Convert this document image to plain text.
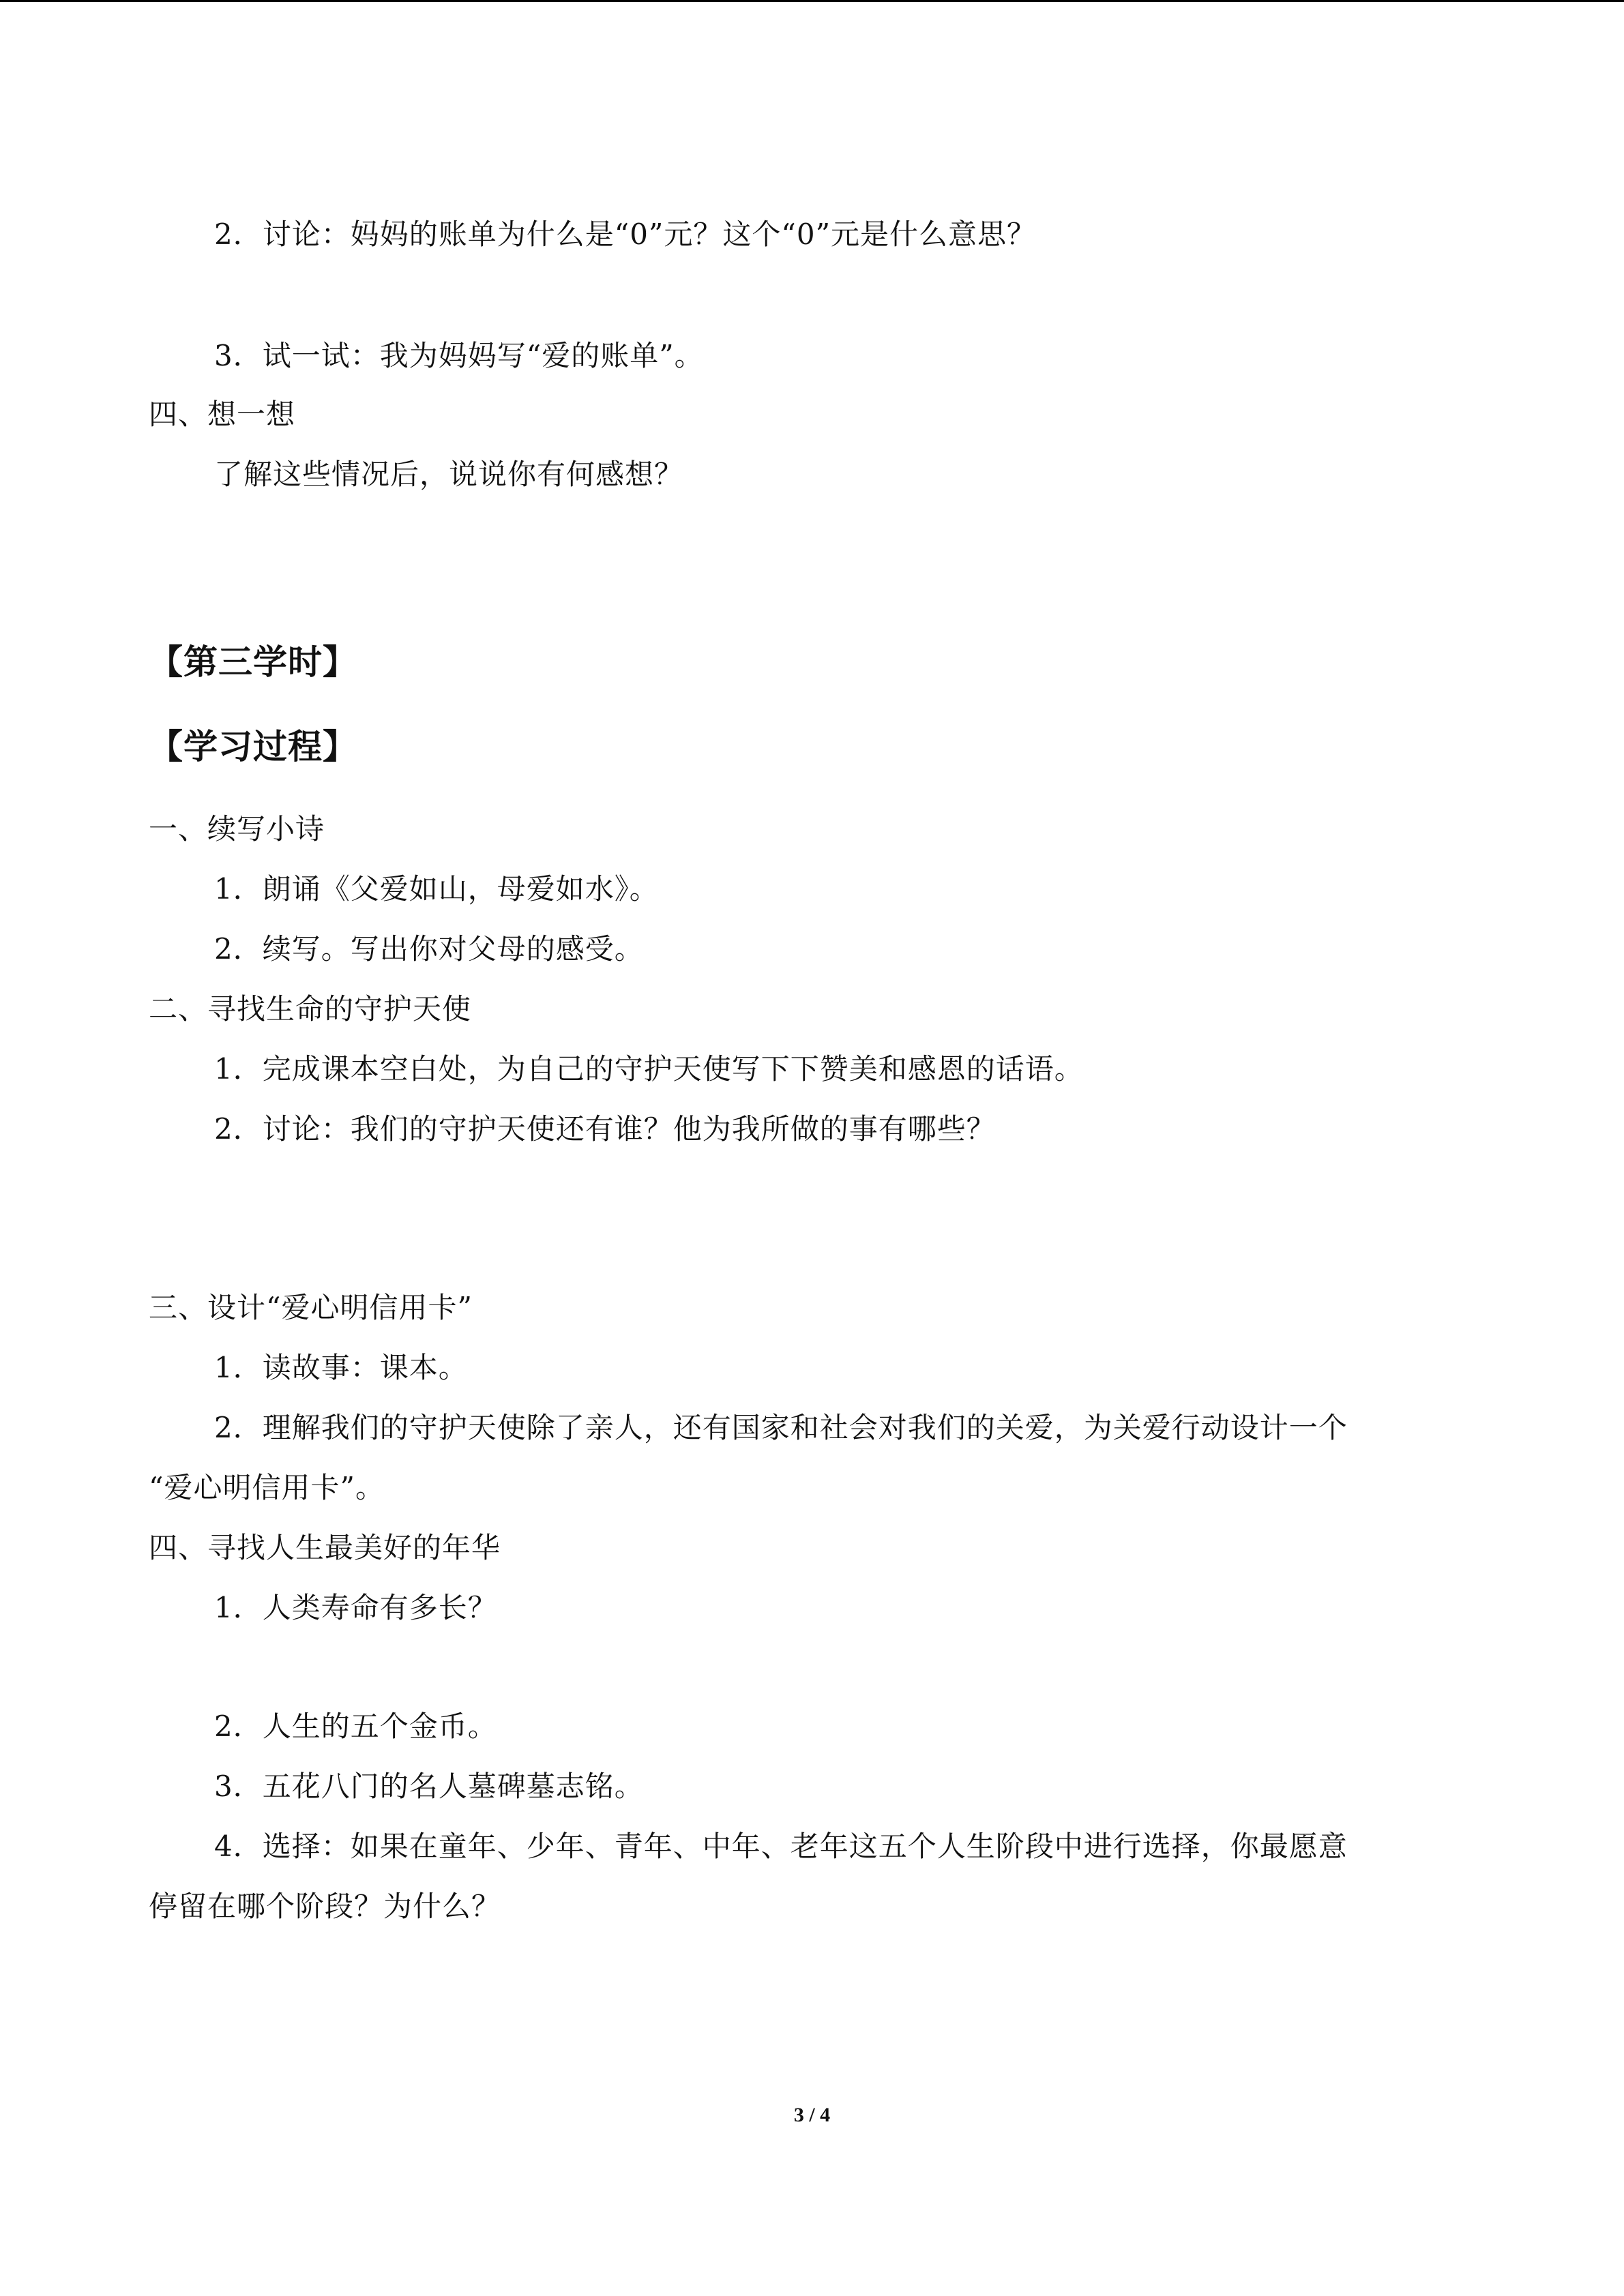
2．讨论：妈妈的账单为什么是“0”元？这个“0”元是什么意思？
3．试一试：我为妈妈写“爱的账单”。
四、想一想
了解这些情况后，说说你有何感想？
【第三学时】
【学习过程】
一、续写小诗
1．朗诵《父爱如山，母爱如水》。
2．续写。写出你对父母的感受。
二、寻找生命的守护天使
1．完成课本空白处，为自己的守护天使写下下赞美和感恩的话语。
2．讨论：我们的守护天使还有谁？他为我所做的事有哪些？
三、设计“爱心明信用卡”
1．读故事：课本。
2．理解我们的守护天使除了亲人，还有国家和社会对我们的关爱，为关爱行动设计一个
“爱心明信用卡”。
四、寻找人生最美好的年华
1．人类寿命有多长？
2．人生的五个金币。
3．五花八门的名人墓碑墓志铭。
4．选择：如果在童年、少年、青年、中年、老年这五个人生阶段中进行选择，你最愿意
停留在哪个阶段？为什么？
3 / 4
